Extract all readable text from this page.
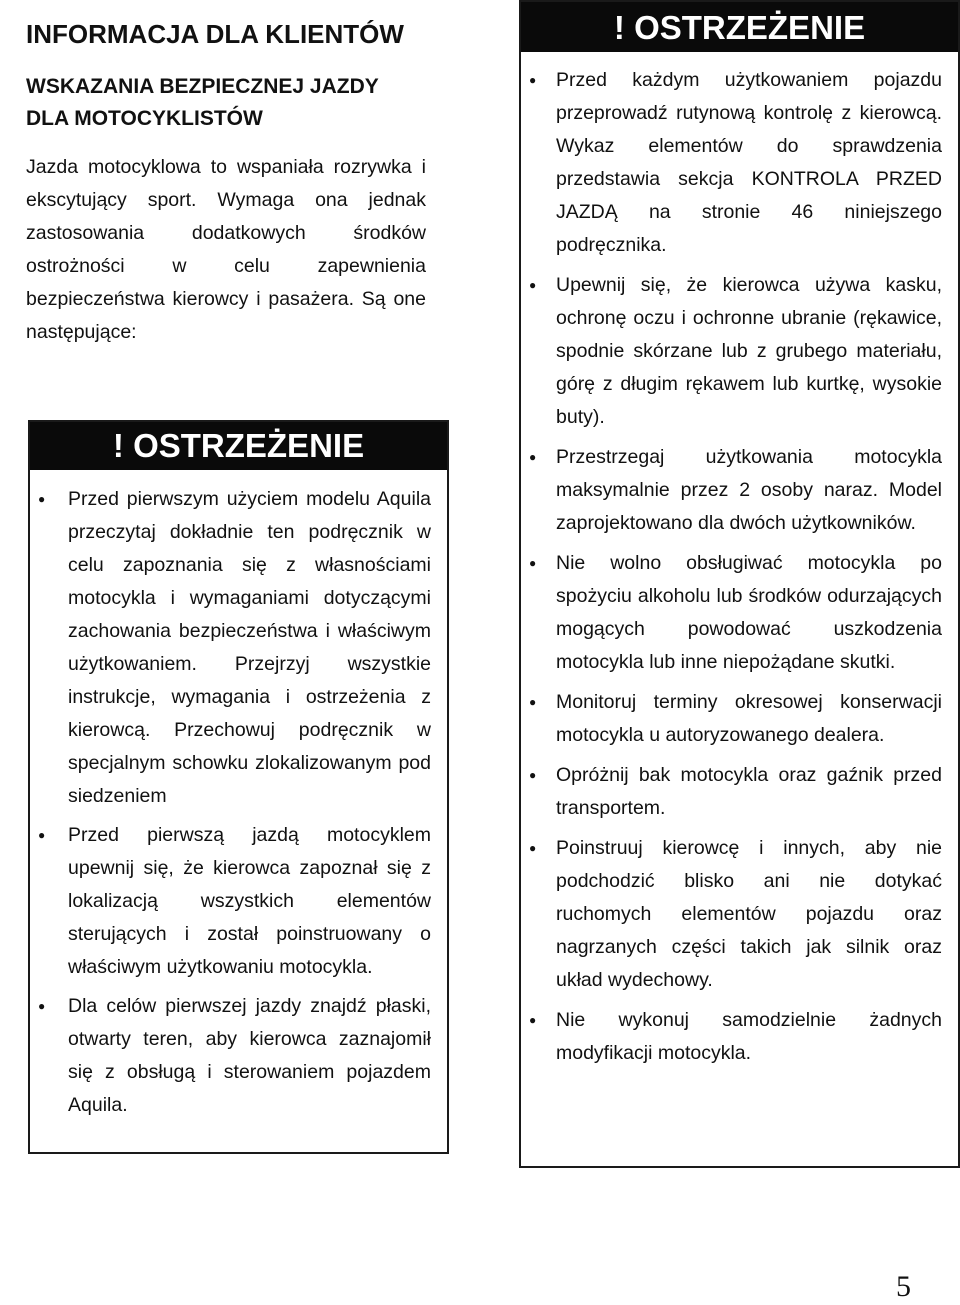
INFORMACJA DLA KLIENTÓW
WSKAZANIA BEZPIECZNEJ JAZDY DLA MOTOCYKLISTÓW

Jazda motocyklowa to wspaniała rozrywka i ekscytujący sport. Wymaga ona jednak zastosowania dodatkowych środków ostrożności w celu zapewnienia bezpieczeństwa kierowcy i pasażera. Są one następujące:

! OSTRZEŻENIE
●	Przed pierwszym użyciem modelu Aquila przeczytaj dokładnie ten podręcznik w celu zapoznania się z własnościami motocykla i wymaganiami dotyczącymi zachowania bezpieczeństwa i właściwym użytkowaniem. Przejrzyj wszystkie instrukcje, wymagania i ostrzeżenia z kierowcą. Przechowuj podręcznik w specjalnym schowku zlokalizowanym pod siedzeniem
●	Przed pierwszą jazdą motocyklem upewnij się, że kierowca zapoznał się z lokalizacją wszystkich elementów sterujących i został poinstruowany o właściwym użytkowaniu motocykla.
●	Dla celów pierwszej jazdy znajdź płaski, otwarty teren, aby kierowca zaznajomił się z obsługą i sterowaniem pojazdem Aquila.
! OSTRZEŻENIE
●	Przed każdym użytkowaniem pojazdu przeprowadź rutynową kontrolę z kierowcą. Wykaz elementów do sprawdzenia przedstawia sekcja KONTROLA PRZED JAZDĄ na stronie 46 niniejszego podręcznika.
●	Upewnij się, że kierowca używa kasku, ochronę oczu i ochronne ubranie (rękawice, spodnie skórzane lub z grubego materiału, górę z długim rękawem lub kurtkę, wysokie buty).
●	Przestrzegaj użytkowania motocykla maksymalnie przez 2 osoby naraz. Model zaprojektowano dla dwóch użytkowników.
●	Nie wolno obsługiwać motocykla po spożyciu alkoholu lub środków odurzających mogących powodować uszkodzenia motocykla lub inne niepożądane skutki.
●	Monitoruj terminy okresowej konserwacji motocykla u autoryzowanego dealera.
●	Opróżnij bak motocykla oraz gaźnik przed transportem.
●	Poinstruuj kierowcę i innych, aby nie podchodzić blisko ani nie dotykać ruchomych elementów pojazdu oraz nagrzanych części takich jak silnik oraz układ wydechowy.
●	Nie wykonuj samodzielnie żadnych modyfikacji motocykla.
5
